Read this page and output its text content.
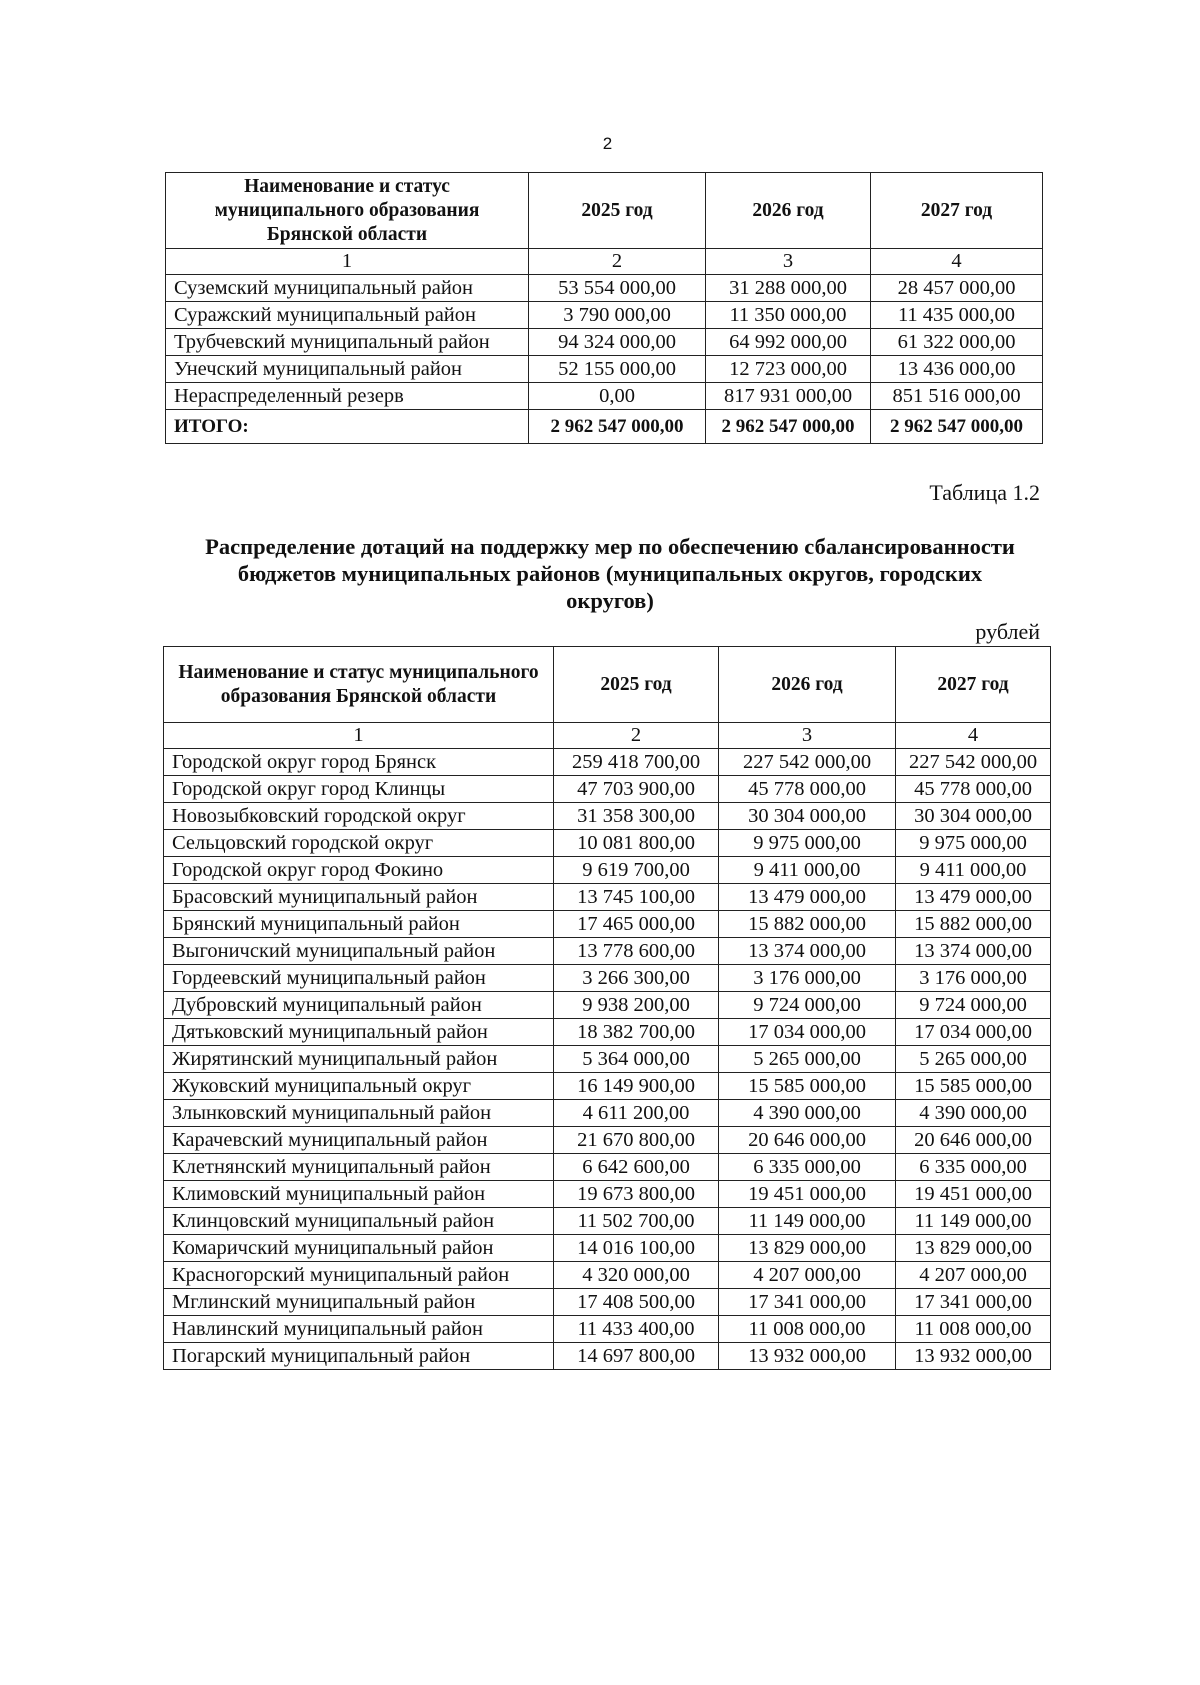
2
Наименование и статус муниципального образования Брянской области	2025 год	2026 год	2027 год
1	2	3	4
Суземский муниципальный район	53 554 000,00	31 288 000,00	28 457 000,00
Суражский муниципальный район	3 790 000,00	11 350 000,00	11 435 000,00
Трубчевский муниципальный район	94 324 000,00	64 992 000,00	61 322 000,00
Унечский муниципальный район	52 155 000,00	12 723 000,00	13 436 000,00
Нераспределенный резерв	0,00	817 931 000,00	851 516 000,00
ИТОГО:	2 962 547 000,00	2 962 547 000,00	2 962 547 000,00
Таблица 1.2
Распределение дотаций на поддержку мер по обеспечению сбалансированности бюджетов муниципальных районов (муниципальных округов, городских округов)
рублей
Наименование и статус муниципального образования Брянской области	2025 год	2026 год	2027 год
1	2	3	4
Городской округ город Брянск	259 418 700,00	227 542 000,00	227 542 000,00
Городской округ город Клинцы	47 703 900,00	45 778 000,00	45 778 000,00
Новозыбковский городской округ	31 358 300,00	30 304 000,00	30 304 000,00
Сельцовский городской округ	10 081 800,00	9 975 000,00	9 975 000,00
Городской округ город Фокино	9 619 700,00	9 411 000,00	9 411 000,00
Брасовский муниципальный район	13 745 100,00	13 479 000,00	13 479 000,00
Брянский муниципальный район	17 465 000,00	15 882 000,00	15 882 000,00
Выгоничский муниципальный район	13 778 600,00	13 374 000,00	13 374 000,00
Гордеевский муниципальный район	3 266 300,00	3 176 000,00	3 176 000,00
Дубровский муниципальный район	9 938 200,00	9 724 000,00	9 724 000,00
Дятьковский муниципальный район	18 382 700,00	17 034 000,00	17 034 000,00
Жирятинский муниципальный район	5 364 000,00	5 265 000,00	5 265 000,00
Жуковский муниципальный округ	16 149 900,00	15 585 000,00	15 585 000,00
Злынковский муниципальный район	4 611 200,00	4 390 000,00	4 390 000,00
Карачевский муниципальный район	21 670 800,00	20 646 000,00	20 646 000,00
Клетнянский муниципальный район	6 642 600,00	6 335 000,00	6 335 000,00
Климовский муниципальный район	19 673 800,00	19 451 000,00	19 451 000,00
Клинцовский муниципальный район	11 502 700,00	11 149 000,00	11 149 000,00
Комаричский муниципальный район	14 016 100,00	13 829 000,00	13 829 000,00
Красногорский муниципальный район	4 320 000,00	4 207 000,00	4 207 000,00
Мглинский муниципальный район	17 408 500,00	17 341 000,00	17 341 000,00
Навлинский муниципальный район	11 433 400,00	11 008 000,00	11 008 000,00
Погарский муниципальный район	14 697 800,00	13 932 000,00	13 932 000,00
